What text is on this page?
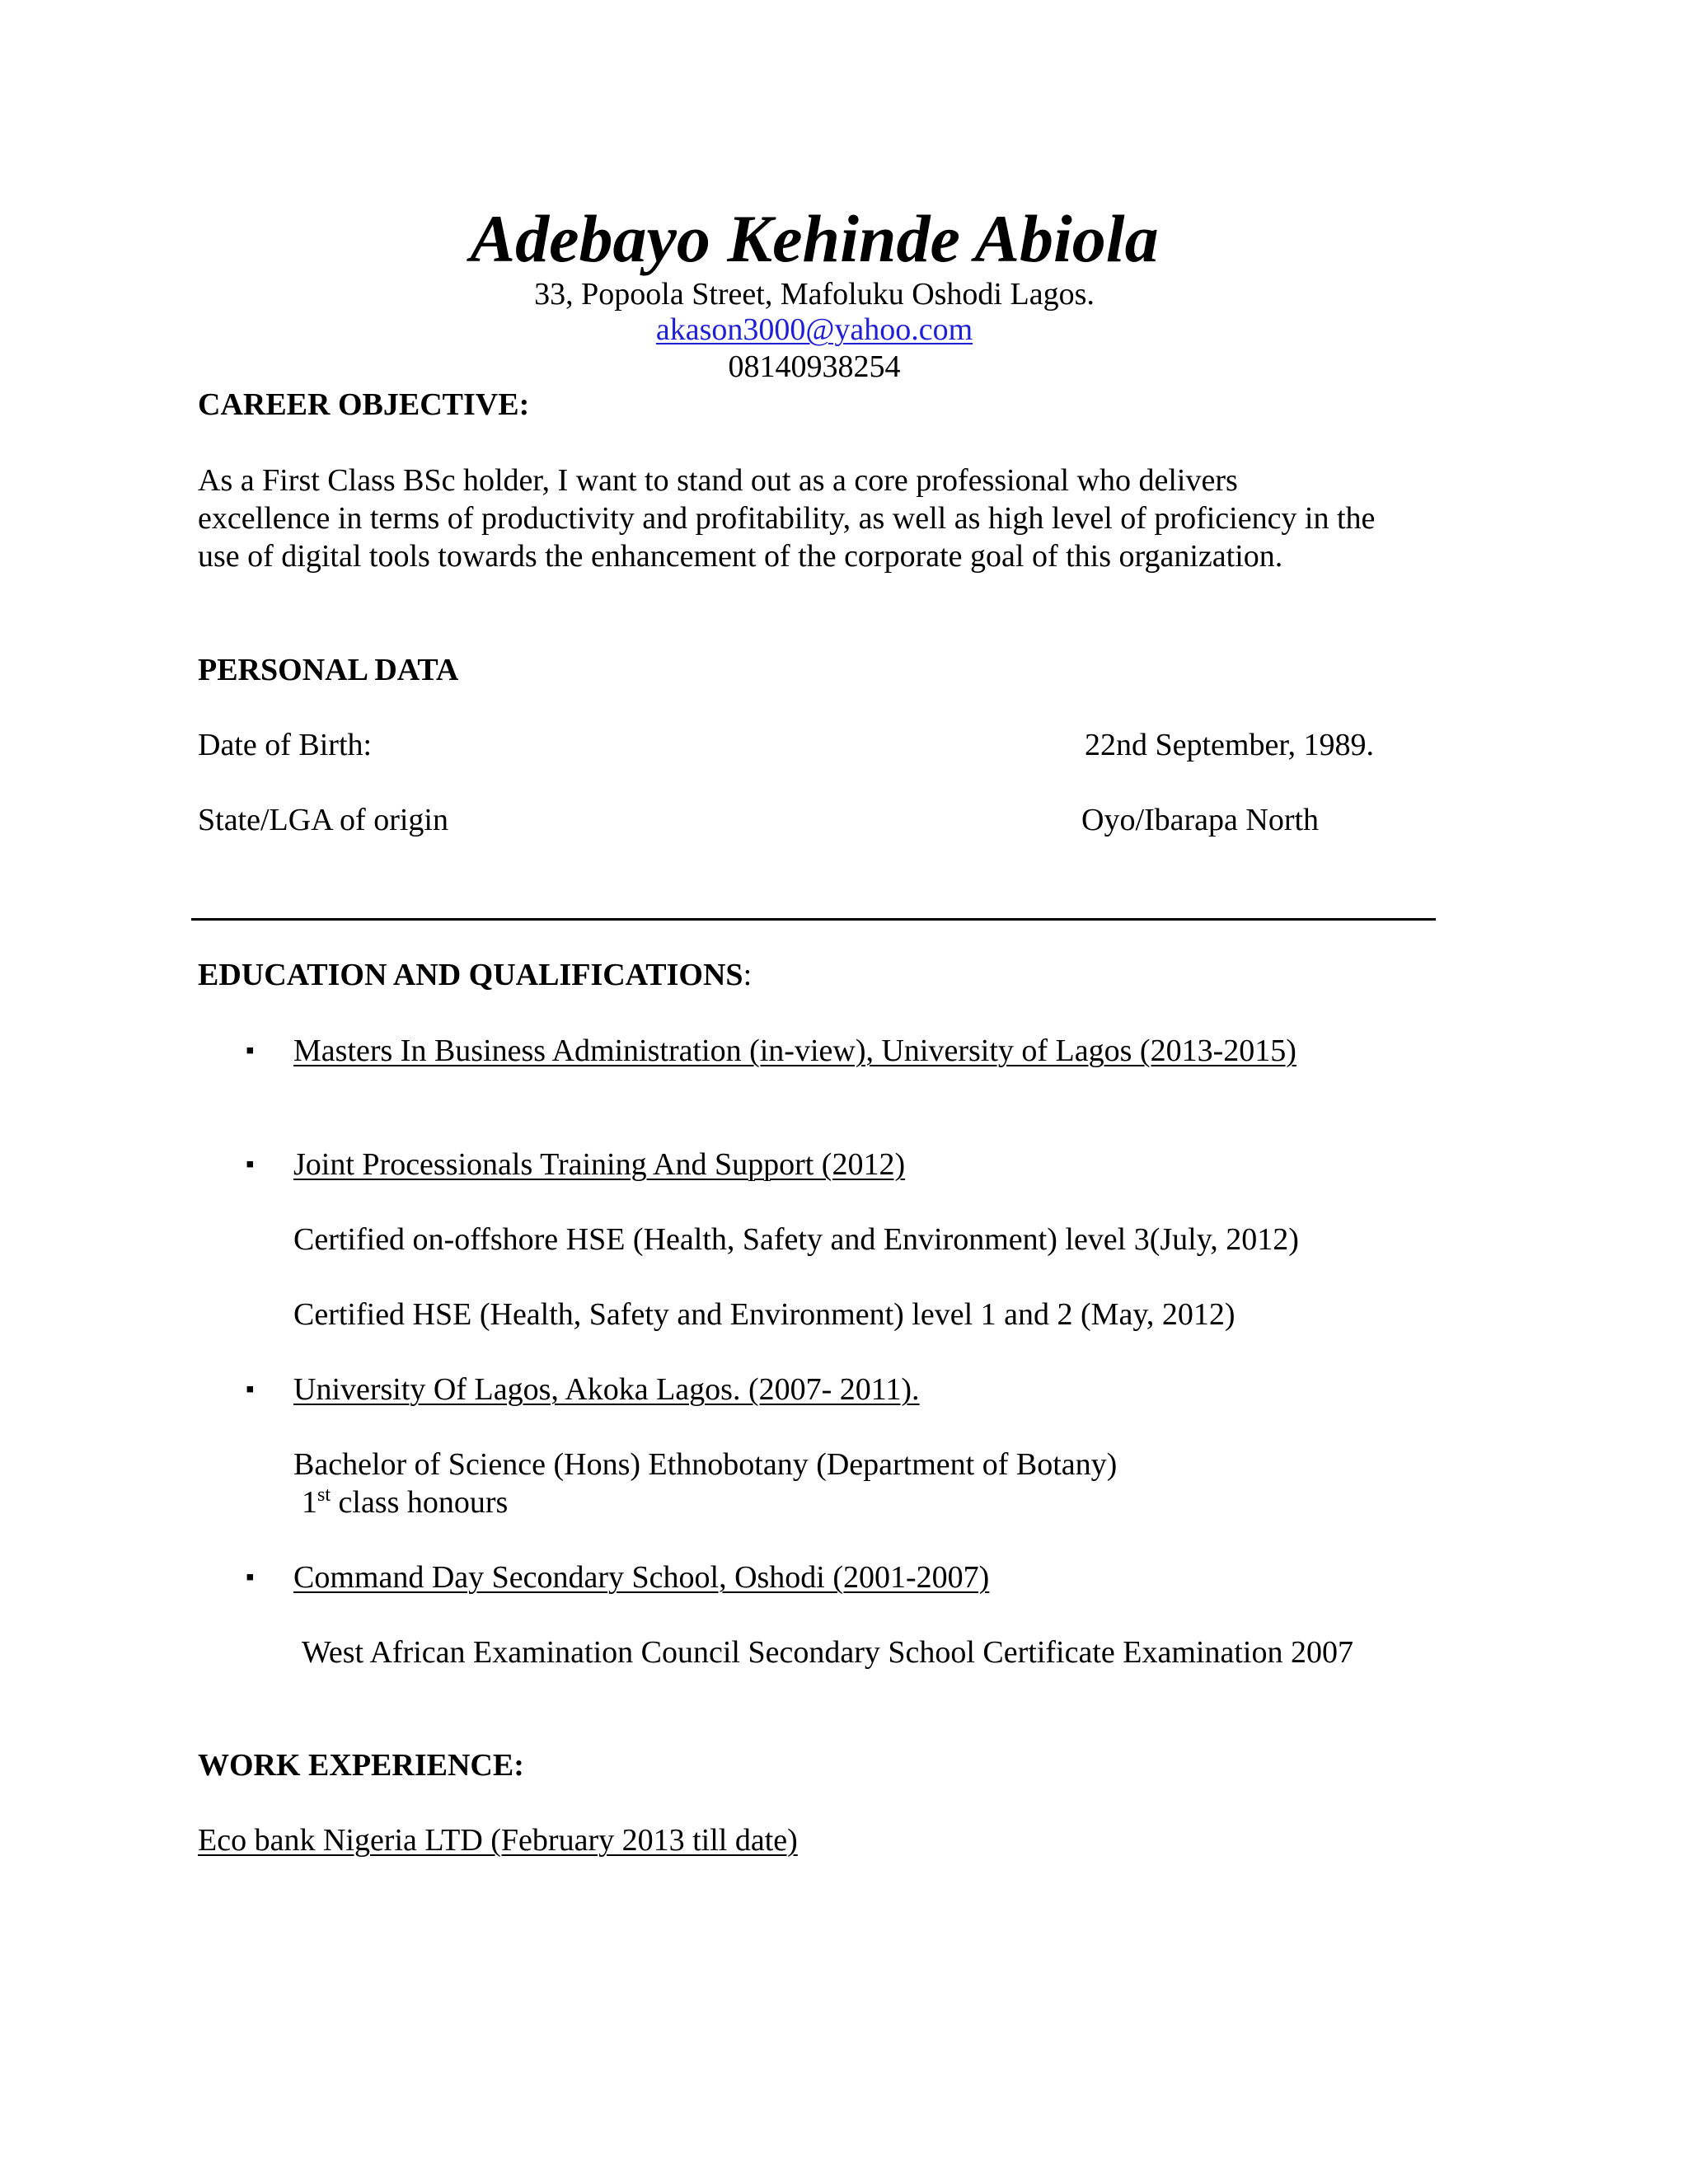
Adebayo Kehinde Abiola
33, Popoola Street, Mafoluku Oshodi Lagos.
akason3000@yahoo.com
08140938254
CAREER OBJECTIVE:
As a First Class BSc holder, I want to stand out as a core professional who delivers
excellence in terms of productivity and profitability, as well as high level of proficiency in the
use of digital tools towards the enhancement of the corporate goal of this organization.
PERSONAL DATA
Date of Birth:	22nd September, 1989.
State/LGA of origin	Oyo/Ibarapa North
EDUCATION AND QUALIFICATIONS:
▪ Masters In Business Administration (in-view), University of Lagos (2013-2015)
▪ Joint Processionals Training And Support (2012)
Certified on-offshore HSE (Health, Safety and Environment) level 3(July, 2012)
Certified HSE (Health, Safety and Environment) level 1 and 2 (May, 2012)
▪ University Of Lagos, Akoka Lagos. (2007- 2011).
Bachelor of Science (Hons) Ethnobotany (Department of Botany)
1st class honours
▪ Command Day Secondary School, Oshodi (2001-2007)
West African Examination Council Secondary School Certificate Examination 2007
WORK EXPERIENCE:
Eco bank Nigeria LTD (February 2013 till date)
